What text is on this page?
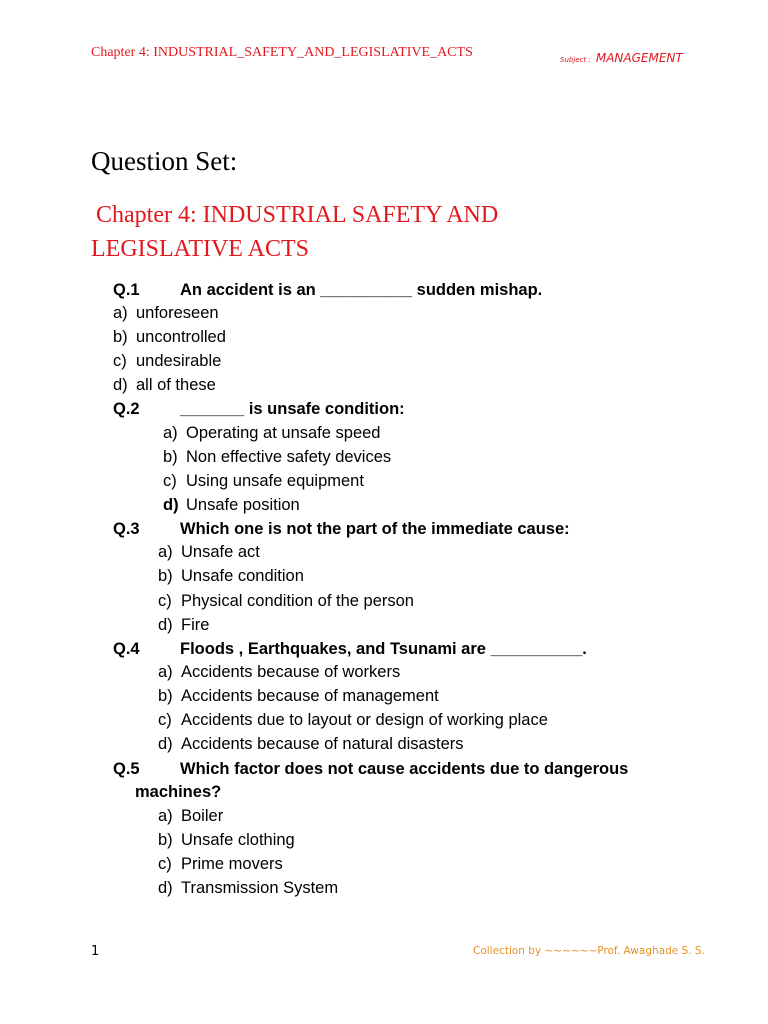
Chapter 4: INDUSTRIAL_SAFETY_AND_LEGISLATIVE_ACTS	Subject : MANAGEMENT
Question Set:
Chapter 4: INDUSTRIAL SAFETY AND
LEGISLATIVE ACTS
Q.1 An accident is an __________ sudden mishap.
a) unforeseen
b) uncontrolled
c) undesirable
d) all of these
Q.2 _______ is unsafe condition:
a) Operating at unsafe speed
b) Non effective safety devices
c) Using unsafe equipment
d) Unsafe position
Q.3 Which one is not the part of the immediate cause:
a) Unsafe act
b) Unsafe condition
c) Physical condition of the person
d) Fire
Q.4 Floods , Earthquakes, and Tsunami are __________.
a) Accidents because of workers
b) Accidents because of management
c) Accidents due to layout or design of working place
d) Accidents because of natural disasters
Q.5 Which factor does not cause accidents due to dangerous
machines?
a) Boiler
b) Unsafe clothing
c) Prime movers
d) Transmission System
1	Collection by ~~~~~~Prof. Awaghade S. S.
